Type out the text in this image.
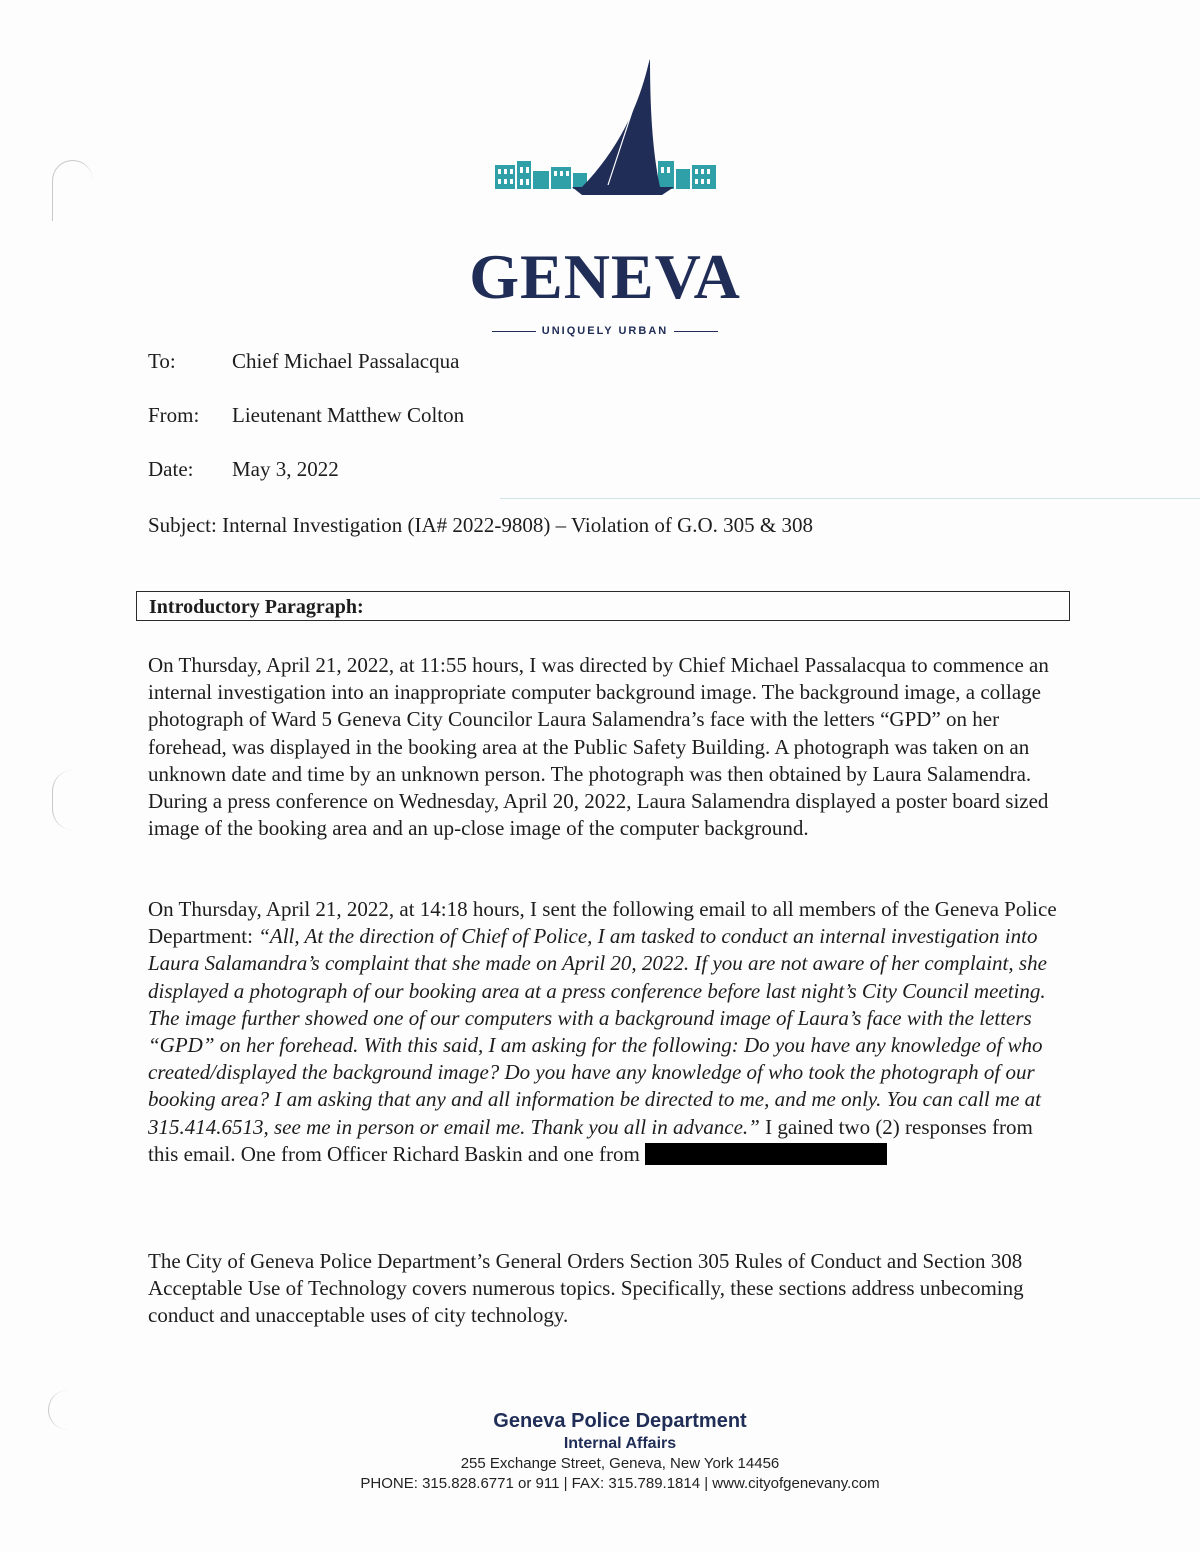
GENEVA
UNIQUELY URBAN
To:	Chief Michael Passalacqua
From: Lieutenant Matthew Colton
Date: May 3, 2022
Subject: Internal Investigation (IA# 2022-9808) – Violation of G.O. 305 & 308
Introductory Paragraph:

On Thursday, April 21, 2022, at 11:55 hours, I was directed by Chief Michael Passalacqua to commence an internal investigation into an inappropriate computer background image. The background image, a collage photograph of Ward 5 Geneva City Councilor Laura Salamendra’s face with the letters “GPD” on her forehead, was displayed in the booking area at the Public Safety Building. A photograph was taken on an unknown date and time by an unknown person. The photograph was then obtained by Laura Salamendra. During a press conference on Wednesday, April 20, 2022, Laura Salamendra displayed a poster board sized image of the booking area and an up-close image of the computer background.

On Thursday, April 21, 2022, at 14:18 hours, I sent the following email to all members of the Geneva Police Department: “All, At the direction of Chief of Police, I am tasked to conduct an internal investigation into Laura Salamandra’s complaint that she made on April 20, 2022. If you are not aware of her complaint, she displayed a photograph of our booking area at a press conference before last night’s City Council meeting. The image further showed one of our computers with a background image of Laura’s face with the letters “GPD” on her forehead. With this said, I am asking for the following: Do you have any knowledge of who created/displayed the background image? Do you have any knowledge of who took the photograph of our booking area? I am asking that any and all information be directed to me, and me only. You can call me at 315.414.6513, see me in person or email me. Thank you all in advance.” I gained two (2) responses from this email. One from Officer Richard Baskin and one from

The City of Geneva Police Department’s General Orders Section 305 Rules of Conduct and Section 308 Acceptable Use of Technology covers numerous topics. Specifically, these sections address unbecoming conduct and unacceptable uses of city technology.

Geneva Police Department
Internal Affairs
255 Exchange Street, Geneva, New York 14456
PHONE: 315.828.6771 or 911 | FAX: 315.789.1814 | www.cityofgenevany.com
